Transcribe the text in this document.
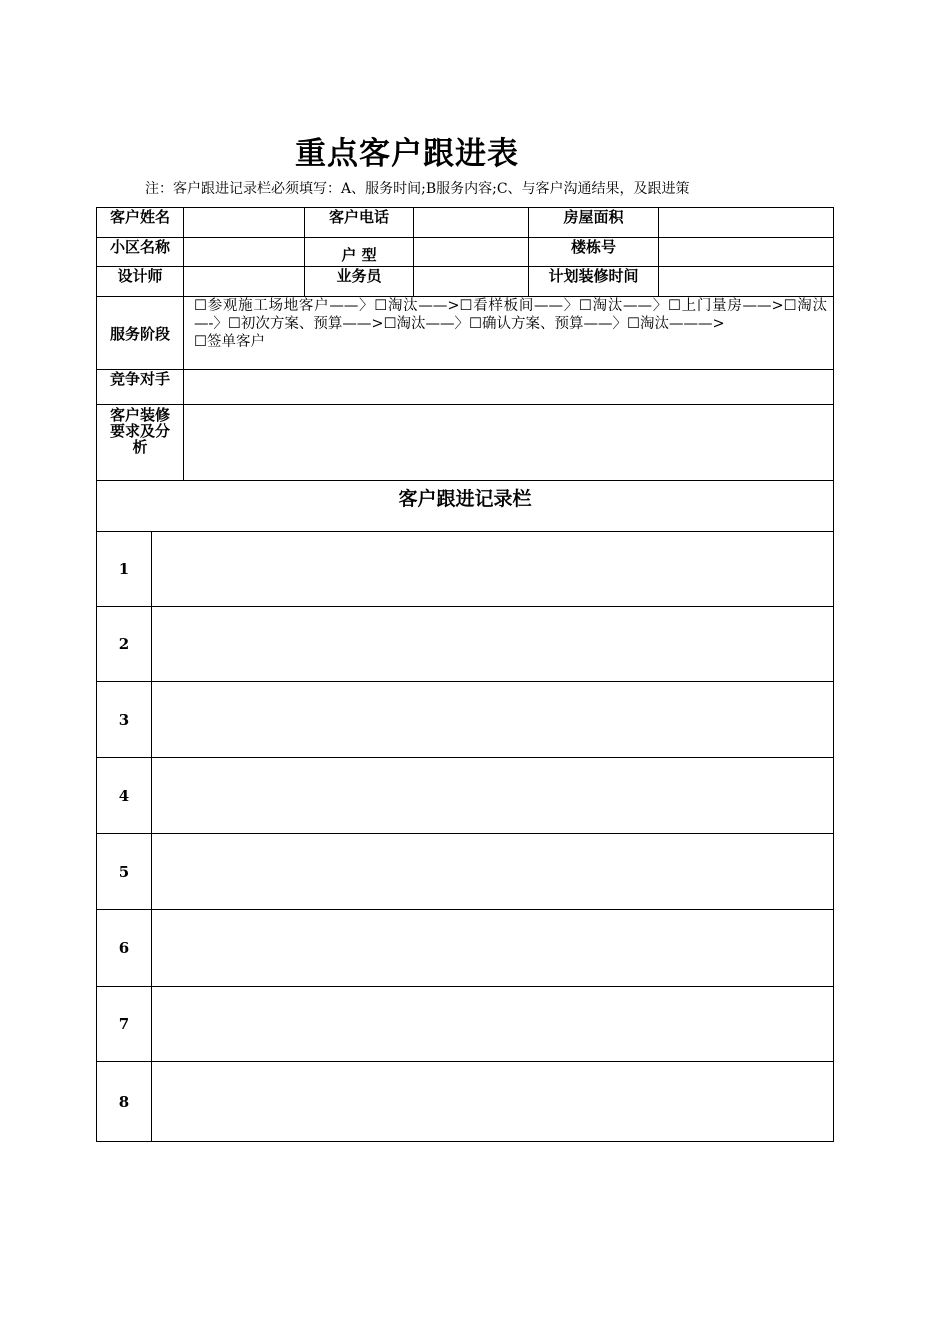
重点客户跟进表
注：客户跟进记录栏必须填写：A、服务时间;B服务内容;C、与客户沟通结果，及跟进策
客户姓名			客户电话		房屋面积	
小区名称			户 型		楼栋号	
设计师			业务员		计划装修时间	
服务阶段		☐参观施工场地客户——〉☐淘汰——>☐看样板间——〉☐淘汰——〉☐上门量房——>☐淘汰—-〉☐初次方案、预算——>☐淘汰——〉☐确认方案、预算——〉☐淘汰———>
☐签单客户				
竞争对手						

客户装修要求及分析						

客户跟进记录栏						
1						
2						
3						
4						
5						
6						
7						
8						
